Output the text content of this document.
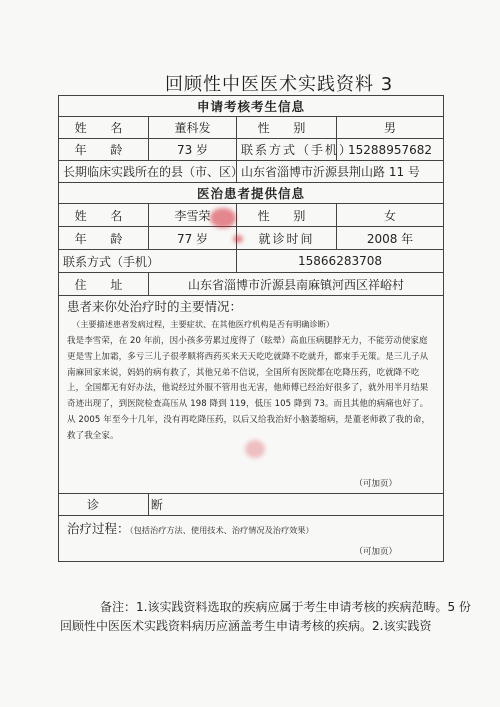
回顾性中医医术实践资料 3
申请考核考生信息			
姓 名	董科发	性 别	男
年 龄	73 岁	联系方式（手机）	15288957682
长期临床实践所在的县（市、区）		山东省淄博市沂源县荆山路 11 号	
医治患者提供信息			
姓 名	李雪荣	性 别	女
年 龄	77 岁	就诊时间	2008 年
联系方式（手机）		15866283708	
住 址	山东省淄博市沂源县南麻镇河西区祥峪村		

患者来你处治疗时的主要情况：
（主要描述患者发病过程，主要症状、在其他医疗机构是否有明确诊断）
我是李雪荣，在 20 年前，因小孩多劳累过度得了（眩晕）高血压病腿脖无力，不能劳动使家庭更是雪上加霜，多亏三儿子很孝顺将西药买来天天吃吃就降不吃就升，都束手无策。是三儿子从南麻回家来说，妈妈的病有救了，其他兄弟不信说，全国所有医院都在吃降压药，吃就降不吃上，全国都无有好办法，他说经过外服不管用也无害，他师傅已经治好很多了，就外用半月结果奇迹出现了，到医院检查高压从 198 降到 119，低压 105 降到 73。而且其他的病痛也好了。从 2005 年至今十几年，没有再吃降压药，以后又给我治好小脑萎缩病，是董老师救了我的命，救了我全家。
（可加页）			

诊 断			
治疗过程：（包括治疗方法、使用技术、治疗情况及治疗效果）
（可加页）			
备注：1.该实践资料选取的疾病应属于考生申请考核的疾病范畴。5 份
回顾性中医医术实践资料病历应涵盖考生申请考核的疾病。2.该实践资
